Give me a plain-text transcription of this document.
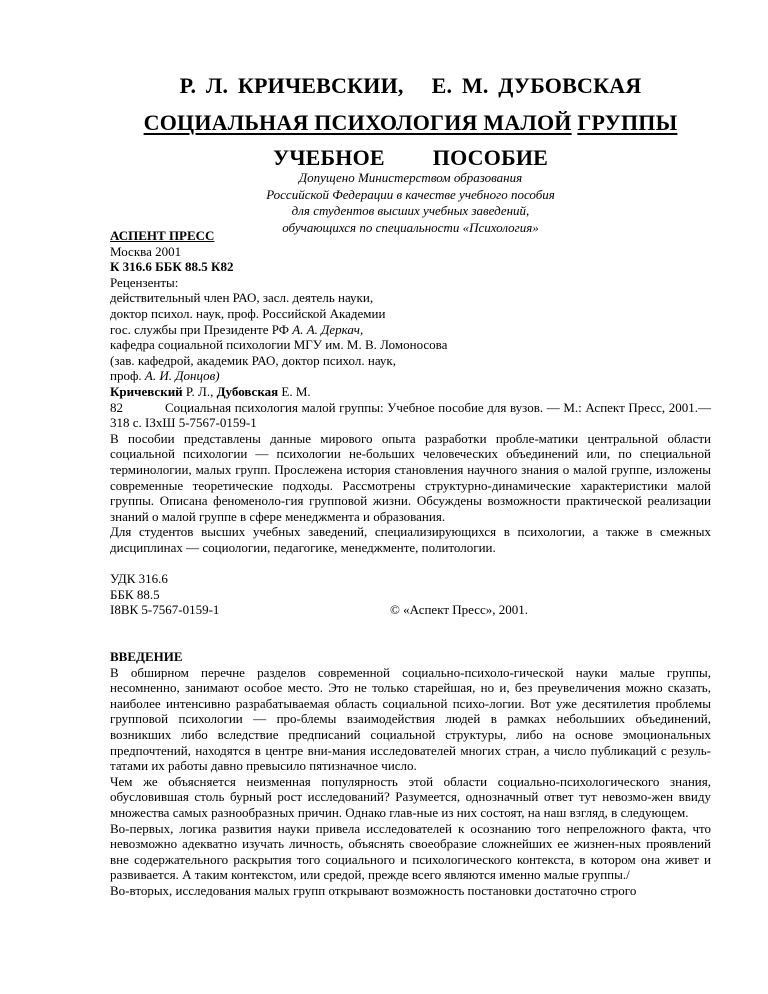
Р. Л. КРИЧЕВСКИИ, Е. М. ДУБОВСКАЯ
СОЦИАЛЬНАЯ ПСИХОЛОГИЯ МАЛОЙ ГРУППЫ
УЧЕБНОЕ ПОСОБИЕ
Допущено Министерством образования
Российской Федерации в качестве учебного пособия
для студентов высших учебных заведений,
обучающихся по специальности «Психология»

АСПЕНТ ПРЕСС

Москва 2001

К 316.6 ББК 88.5 К82

Рецензенты:

действительный член РАО, засл. деятель науки,

доктор психол. наук, проф. Российской Академии

гос. службы при Президенте РФ А. А. Деркач,

кафедра социальной психологии МГУ им. М. В. Ломоносова

(зав. кафедрой, академик РАО, доктор психол. наук,

проф. А. И. Донцов)

Кричевский Р. Л., Дубовская Е. М.

82	Социальная психология малой группы: Учебное пособие для вузов. — М.: Аспект Пресс, 2001.— 318 с. ІЗхШ 5-7567-0159-1

В пособии представлены данные мирового опыта разработки пробле-матики центральной области социальной психологии — психологии не-больших человеческих объединений или, по специальной терминологии, малых групп. Прослежена история становления научного знания о малой группе, изложены современные теоретические подходы. Рассмотрены структурно-динамические характеристики малой группы. Описана феноменоло-гия групповой жизни. Обсуждены возможности практической реализации знаний о малой группе в сфере менеджмента и образования.

Для студентов высших учебных заведений, специализирующихся в психологии, а также в смежных дисциплинах — социологии, педагогике, менеджменте, политологии.

УДК 316.6

ББК 88.5

I8ВК 5-7567-0159-1	© «Аспект Пресс», 2001.

ВВЕДЕНИЕ

В обширном перечне разделов современной социально-психоло-гической науки малые группы, несомненно, занимают особое место. Это не только старейшая, но и, без преувеличения можно сказать, наиболее интенсивно разрабатываемая область социальной психо-логии. Вот уже десятилетия проблемы групповой психологии — про-блемы взаимодействия людей в рамках небольшиих объединений, возникших либо вследствие предписаний социальной структуры, либо на основе эмоциональных предпочтений, находятся в центре вни-мания исследователей многих стран, а число публикаций с резуль-татами их работы давно превысило пятизначное число.

Чем же объясняется неизменная популярность этой области социально-психологического знания, обусловившая столь бурный рост исследований? Разумеется, однозначный ответ тут невозмо-жен ввиду множества самых разнообразных причин. Однако глав-ные из них состоят, на наш взгляд, в следующем.

Во-первых, логика развития науки привела исследователей к осознанию того непреложного факта, что невозможно адекватно изучать личность, объяснять своеобразие сложнейших ее жизнен-ных проявлений вне содержательного раскрытия того социального и психологического контекста, в котором она живет и развивается. А таким контекстом, или средой, прежде всего являются именно малые группы./

Во-вторых, исследования малых групп открывают возможность постановки достаточно строго
